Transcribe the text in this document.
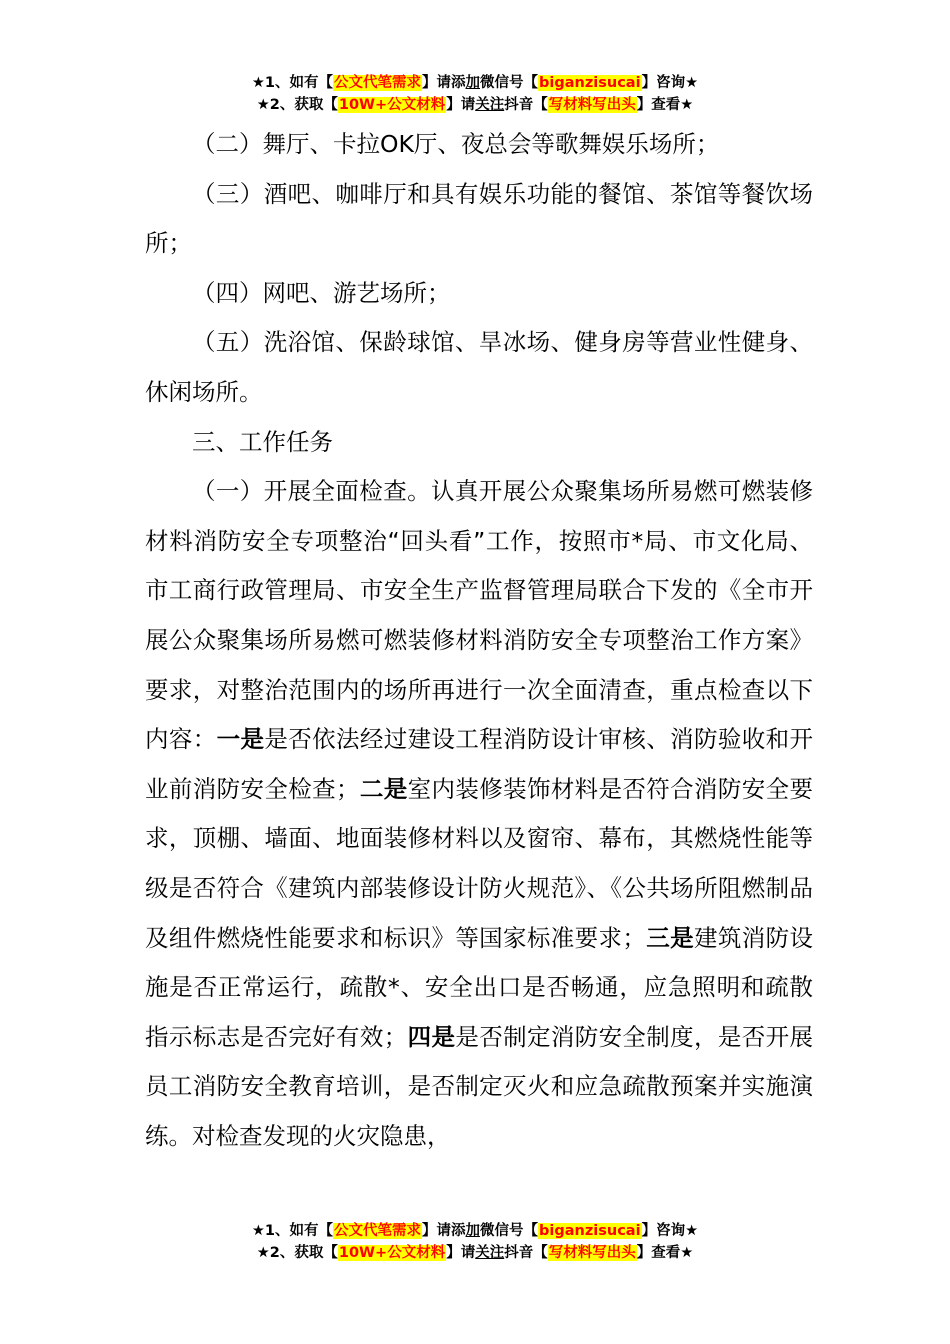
★1、如有【公文代笔需求】请添加微信号【biganzisucai】咨询★
★2、获取【10W+公文材料】请关注抖音【写材料写出头】查看★

（二）舞厅、卡拉OK厅、夜总会等歌舞娱乐场所；

（三）酒吧、咖啡厅和具有娱乐功能的餐馆、茶馆等餐饮场所；

（四）网吧、游艺场所；

（五）洗浴馆、保龄球馆、旱冰场、健身房等营业性健身、休闲场所。

三、工作任务

（一）开展全面检查。认真开展公众聚集场所易燃可燃装修材料消防安全专项整治“回头看”工作，按照市*局、市文化局、市工商行政管理局、市安全生产监督管理局联合下发的《全市开展公众聚集场所易燃可燃装修材料消防安全专项整治工作方案》要求，对整治范围内的场所再进行一次全面清查，重点检查以下内容：一是是否依法经过建设工程消防设计审核、消防验收和开业前消防安全检查；二是室内装修装饰材料是否符合消防安全要求，顶棚、墙面、地面装修材料以及窗帘、幕布，其燃烧性能等级是否符合《建筑内部装修设计防火规范》、《公共场所阻燃制品及组件燃烧性能要求和标识》等国家标准要求；三是建筑消防设施是否正常运行，疏散*、安全出口是否畅通，应急照明和疏散指示标志是否完好有效；四是是否制定消防安全制度，是否开展员工消防安全教育培训，是否制定灭火和应急疏散预案并实施演练。对检查发现的火灾隐患，

★1、如有【公文代笔需求】请添加微信号【biganzisucai】咨询★
★2、获取【10W+公文材料】请关注抖音【写材料写出头】查看★
